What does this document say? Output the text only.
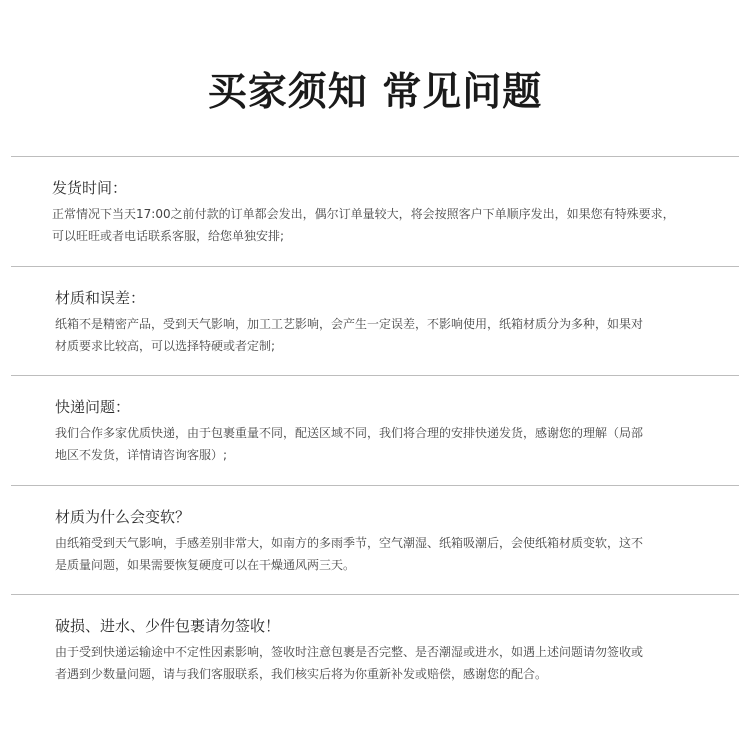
买家须知 常见问题
发货时间：
正常情况下当天17:00之前付款的订单都会发出，偶尔订单量较大，将会按照客户下单顺序发出，如果您有特殊要求，
可以旺旺或者电话联系客服，给您单独安排;
材质和误差：
纸箱不是精密产品，受到天气影响，加工工艺影响，会产生一定误差，不影响使用，纸箱材质分为多种，如果对
材质要求比较高，可以选择特硬或者定制;
快递问题：
我们合作多家优质快递，由于包裹重量不同，配送区域不同，我们将合理的安排快递发货，感谢您的理解（局部
地区不发货，详情请咨询客服）;
材质为什么会变软？
由纸箱受到天气影响，手感差别非常大，如南方的多雨季节，空气潮湿、纸箱吸潮后，会使纸箱材质变软，这不
是质量问题，如果需要恢复硬度可以在干燥通风两三天。
破损、进水、少件包裹请勿签收！
由于受到快递运输途中不定性因素影响，签收时注意包裹是否完整、是否潮湿或进水，如遇上述问题请勿签收或
者遇到少数量问题，请与我们客服联系，我们核实后将为你重新补发或赔偿，感谢您的配合。
